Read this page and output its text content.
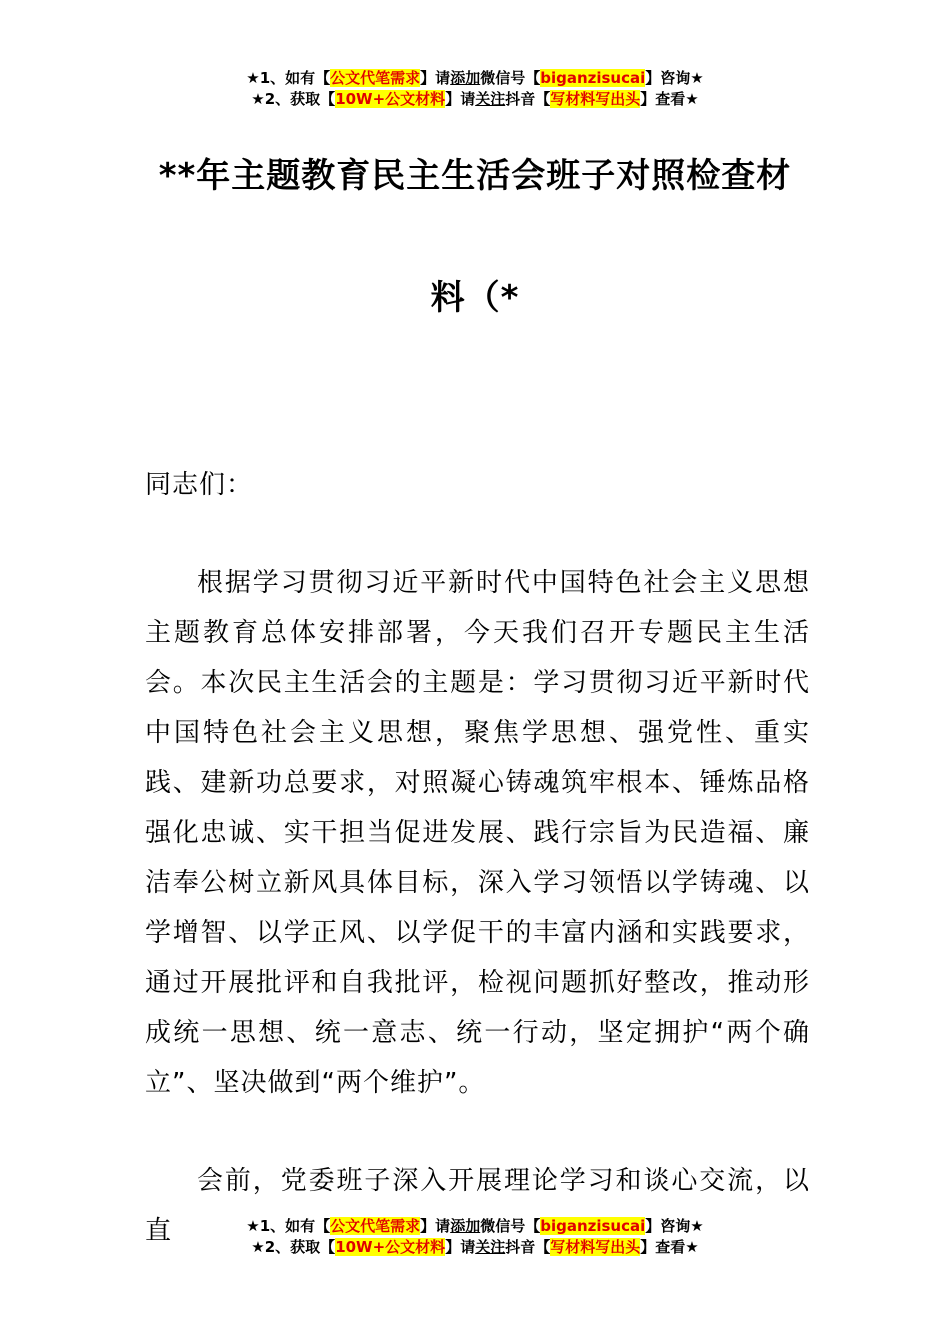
★1、如有【公文代笔需求】请添加微信号【biganzisucai】咨询★
★2、获取【10W+公文材料】请关注抖音【写材料写出头】查看★
**年主题教育民主生活会班子对照检查材
料（*
同志们：
根据学习贯彻习近平新时代中国特色社会主义思想主题教育总体安排部署，今天我们召开专题民主生活会。本次民主生活会的主题是：学习贯彻习近平新时代中国特色社会主义思想，聚焦学思想、强党性、重实践、建新功总要求，对照凝心铸魂筑牢根本、锤炼品格强化忠诚、实干担当促进发展、践行宗旨为民造福、廉洁奉公树立新风具体目标，深入学习领悟以学铸魂、以学增智、以学正风、以学促干的丰富内涵和实践要求，通过开展批评和自我批评，检视问题抓好整改，推动形成统一思想、统一意志、统一行动，坚定拥护“两个确立”、坚决做到“两个维护”。
会前，党委班子深入开展理论学习和谈心交流，以直	★1、如有【公文代笔需求】请添加微信号【biganzisucai】咨询★
★2、获取【10W+公文材料】请关注抖音【写材料写出头】查看★
